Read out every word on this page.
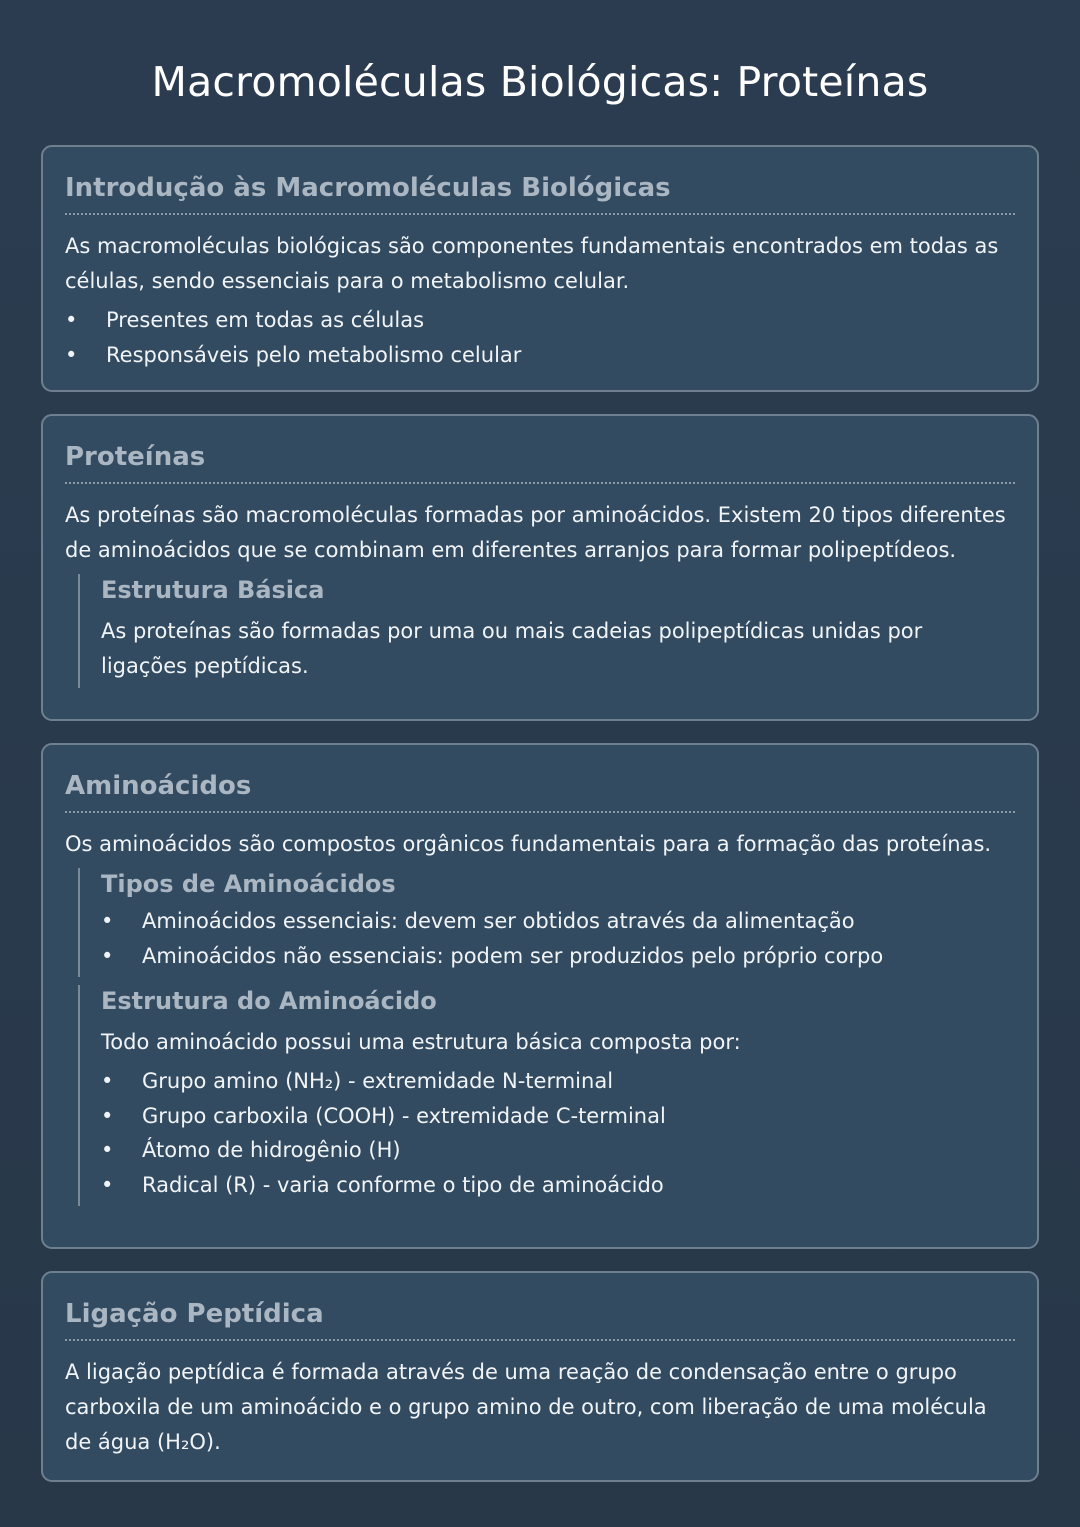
Macromoléculas Biológicas: Proteínas
Introdução às Macromoléculas Biológicas

As macromoléculas biológicas são componentes fundamentais encontrados em todas as células, sendo essenciais para o metabolismo celular.

• Presentes em todas as células
• Responsáveis pelo metabolismo celular
Proteínas

As proteínas são macromoléculas formadas por aminoácidos. Existem 20 tipos diferentes de aminoácidos que se combinam em diferentes arranjos para formar polipeptídeos.

Estrutura Básica

As proteínas são formadas por uma ou mais cadeias polipeptídicas unidas por ligações peptídicas.

Aminoácidos

Os aminoácidos são compostos orgânicos fundamentais para a formação das proteínas.

Tipos de Aminoácidos
• Aminoácidos essenciais: devem ser obtidos através da alimentação
• Aminoácidos não essenciais: podem ser produzidos pelo próprio corpo
Estrutura do Aminoácido

Todo aminoácido possui uma estrutura básica composta por:

• Grupo amino (NH₂) - extremidade N-terminal
• Grupo carboxila (COOH) - extremidade C-terminal
• Átomo de hidrogênio (H)
• Radical (R) - varia conforme o tipo de aminoácido
Ligação Peptídica

A ligação peptídica é formada através de uma reação de condensação entre o grupo carboxila de um aminoácido e o grupo amino de outro, com liberação de uma molécula de água (H₂O).
